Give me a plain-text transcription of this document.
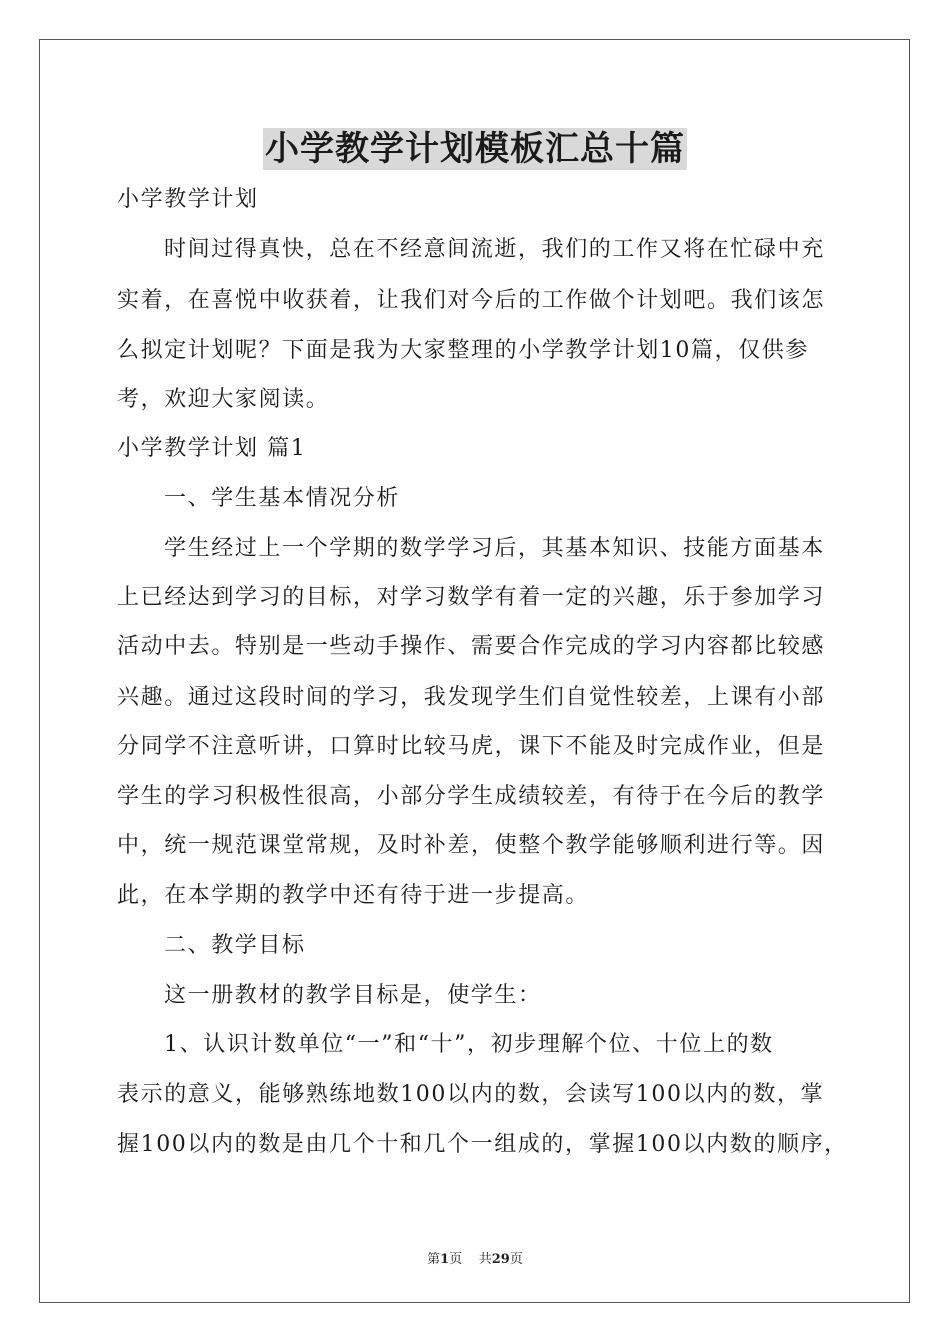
小学教学计划模板汇总十篇
小学教学计划
时间过得真快，总在不经意间流逝，我们的工作又将在忙碌中充
实着，在喜悦中收获着，让我们对今后的工作做个计划吧。我们该怎
么拟定计划呢？下面是我为大家整理的小学教学计划10篇，仅供参
考，欢迎大家阅读。
小学教学计划 篇1
一、学生基本情况分析
学生经过上一个学期的数学学习后，其基本知识、技能方面基本
上已经达到学习的目标，对学习数学有着一定的兴趣，乐于参加学习
活动中去。特别是一些动手操作、需要合作完成的学习内容都比较感
兴趣。通过这段时间的学习，我发现学生们自觉性较差，上课有小部
分同学不注意听讲，口算时比较马虎，课下不能及时完成作业，但是
学生的学习积极性很高，小部分学生成绩较差，有待于在今后的教学
中，统一规范课堂常规，及时补差，使整个教学能够顺利进行等。因
此，在本学期的教学中还有待于进一步提高。
二、教学目标
这一册教材的教学目标是，使学生：
1、认识计数单位“一”和“十”，初步理解个位、十位上的数
表示的意义，能够熟练地数100以内的数，会读写100以内的数，掌
握100以内的数是由几个十和几个一组成的，掌握100以内数的顺序，
第1页 共29页
